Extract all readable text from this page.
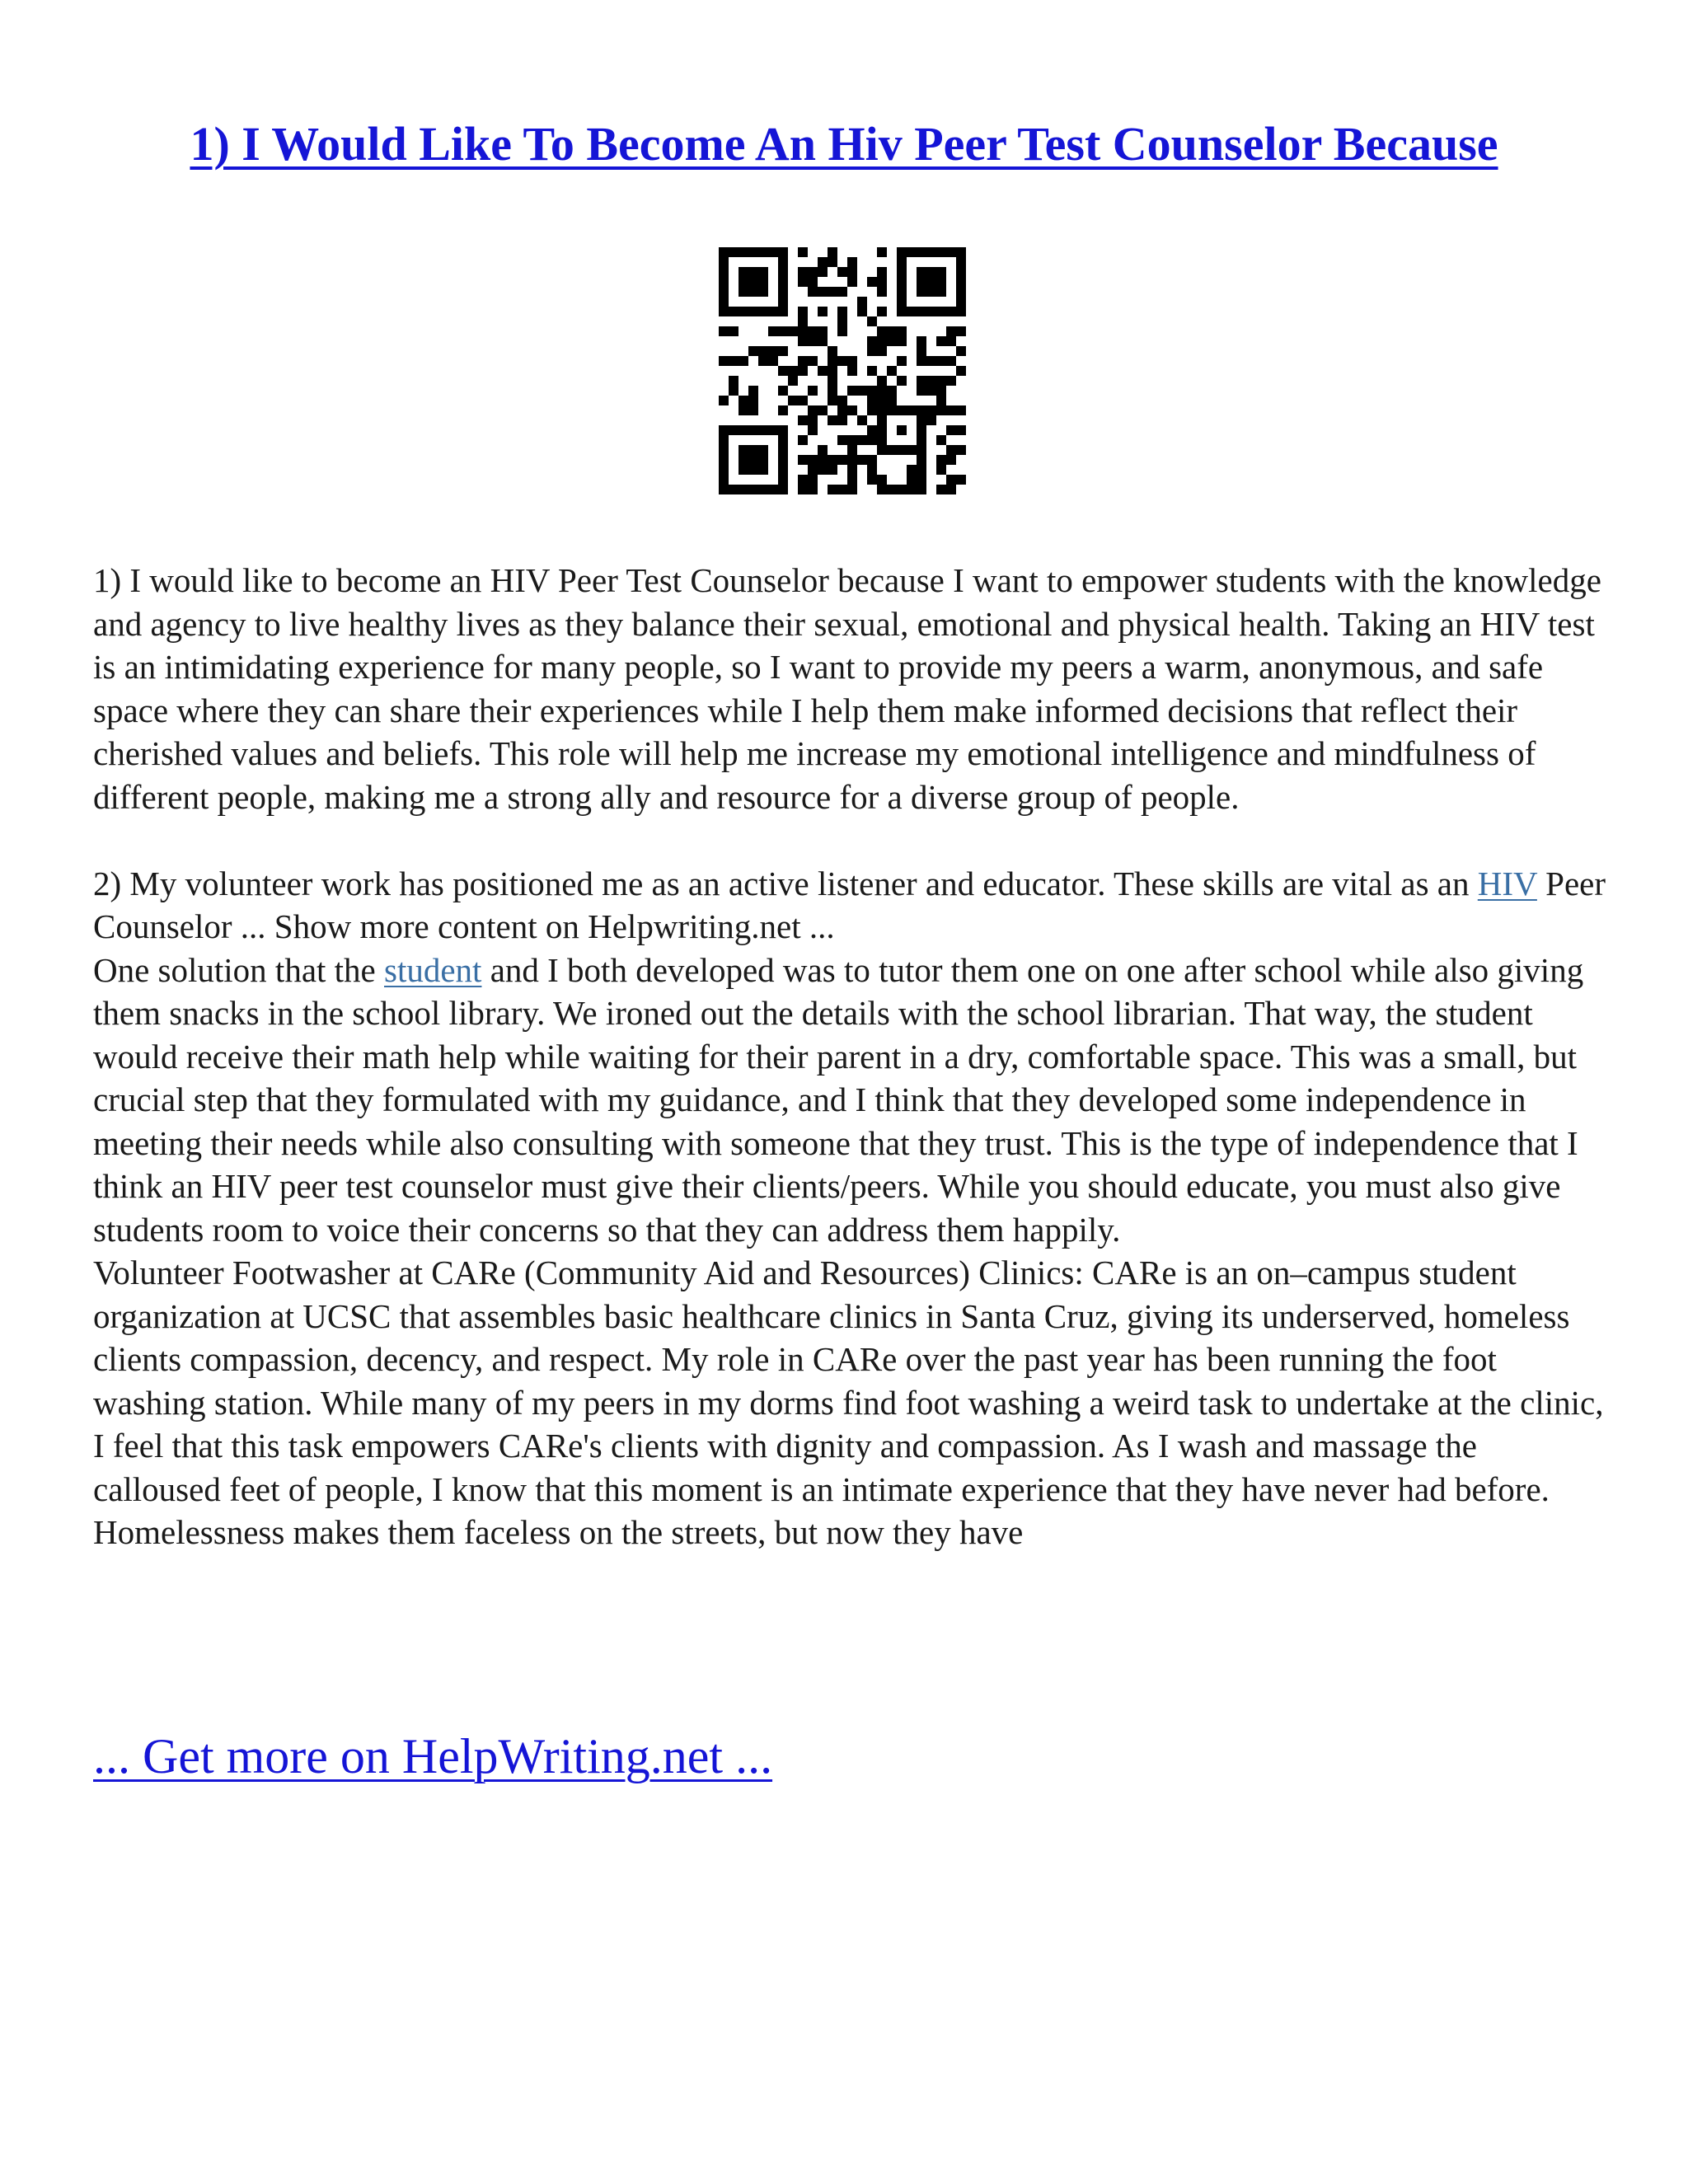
1) I Would Like To Become An Hiv Peer Test Counselor Because

1) I would like to become an HIV Peer Test Counselor because I want to empower students with the knowledge and agency to live healthy lives as they balance their sexual, emotional and physical health. Taking an HIV test is an intimidating experience for many people, so I want to provide my peers a warm, anonymous, and safe space where they can share their experiences while I help them make informed decisions that reflect their cherished values and beliefs. This role will help me increase my emotional intelligence and mindfulness of different people, making me a strong ally and resource for a diverse group of people.

2) My volunteer work has positioned me as an active listener and educator. These skills are vital as an HIV Peer Counselor ... Show more content on Helpwriting.net ...

One solution that the student and I both developed was to tutor them one on one after school while also giving them snacks in the school library. We ironed out the details with the school librarian. That way, the student would receive their math help while waiting for their parent in a dry, comfortable space. This was a small, but crucial step that they formulated with my guidance, and I think that they developed some independence in meeting their needs while also consulting with someone that they trust. This is the type of independence that I think an HIV peer test counselor must give their clients/peers. While you should educate, you must also give students room to voice their concerns so that they can address them happily.

Volunteer Footwasher at CARe (Community Aid and Resources) Clinics: CARe is an on–campus student organization at UCSC that assembles basic healthcare clinics in Santa Cruz, giving its underserved, homeless clients compassion, decency, and respect. My role in CARe over the past year has been running the foot washing station. While many of my peers in my dorms find foot washing a weird task to undertake at the clinic, I feel that this task empowers CARe's clients with dignity and compassion. As I wash and massage the calloused feet of people, I know that this moment is an intimate experience that they have never had before. Homelessness makes them faceless on the streets, but now they have

... Get more on HelpWriting.net ...
